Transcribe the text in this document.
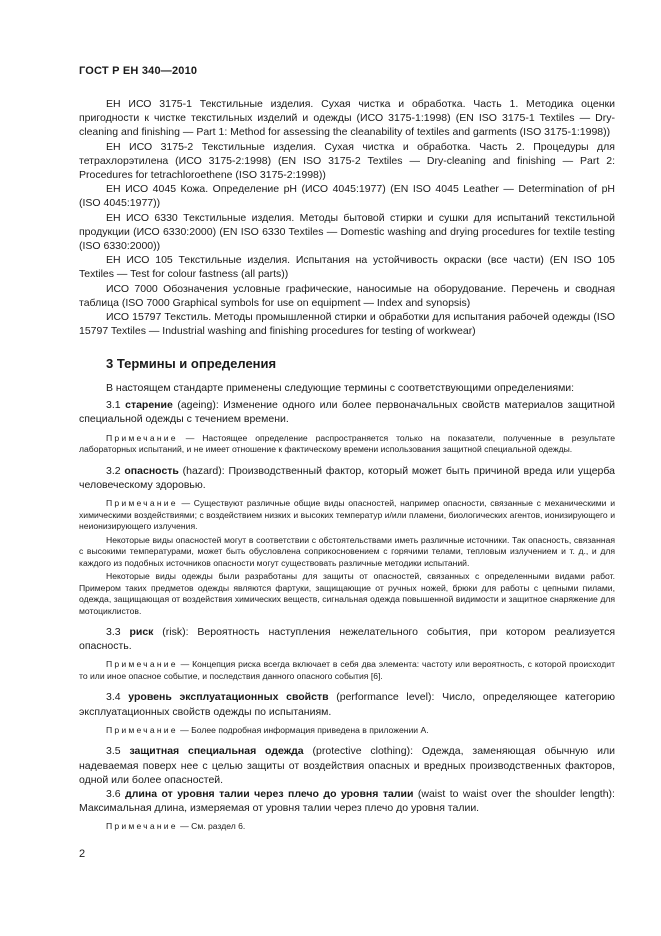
ГОСТ Р ЕН 340—2010

ЕН ИСО 3175-1 Текстильные изделия. Сухая чистка и обработка. Часть 1. Методика оценки пригодности к чистке текстильных изделий и одежды (ИСО 3175-1:1998) (EN ISO 3175-1 Textiles — Dry-cleaning and finishing — Part 1: Method for assessing the cleanability of textiles and garments (ISO 3175-1:1998))

ЕН ИСО 3175-2 Текстильные изделия. Сухая чистка и обработка. Часть 2. Процедуры для тетрахлорэтилена (ИСО 3175-2:1998) (EN ISO 3175-2 Textiles — Dry-cleaning and finishing — Part 2: Procedures for tetrachloroethene (ISO 3175-2:1998))

ЕН ИСО 4045 Кожа. Определение pH (ИСО 4045:1977) (EN ISO 4045 Leather — Determination of pH (ISO 4045:1977))

ЕН ИСО 6330 Текстильные изделия. Методы бытовой стирки и сушки для испытаний текстильной продукции (ИСО 6330:2000) (EN ISO 6330 Textiles — Domestic washing and drying procedures for textile testing (ISO 6330:2000))

ЕН ИСО 105 Текстильные изделия. Испытания на устойчивость окраски (все части) (EN ISO 105 Textiles — Test for colour fastness (all parts))

ИСО 7000 Обозначения условные графические, наносимые на оборудование. Перечень и сводная таблица (ISO 7000 Graphical symbols for use on equipment — Index and synopsis)

ИСО 15797 Текстиль. Методы промышленной стирки и обработки для испытания рабочей одежды (ISO 15797 Textiles — Industrial washing and finishing procedures for testing of workwear)

3 Термины и определения

В настоящем стандарте применены следующие термины с соответствующими определениями:

3.1 старение (ageing): Изменение одного или более первоначальных свойств материалов защитной специальной одежды с течением времени.

Примечание — Настоящее определение распространяется только на показатели, полученные в результате лабораторных испытаний, и не имеет отношение к фактическому времени использования защитной специальной одежды.

3.2 опасность (hazard): Производственный фактор, который может быть причиной вреда или ущерба человеческому здоровью.

Примечание — Существуют различные общие виды опасностей, например опасности, связанные с механическими и химическими воздействиями; с воздействием низких и высоких температур и/или пламени, биологических агентов, ионизирующего и неионизирующего излучения.

Некоторые виды опасностей могут в соответствии с обстоятельствами иметь различные источники. Так опасность, связанная с высокими температурами, может быть обусловлена соприкосновением с горячими телами, тепловым излучением и т. д., и для каждого из подобных источников опасности могут существовать различные методики испытаний.

Некоторые виды одежды были разработаны для защиты от опасностей, связанных с определенными видами работ. Примером таких предметов одежды являются фартуки, защищающие от ручных ножей, брюки для работы с цепными пилами, одежда, защищающая от воздействия химических веществ, сигнальная одежда повышенной видимости и защитное снаряжение для мотоциклистов.

3.3 риск (risk): Вероятность наступления нежелательного события, при котором реализуется опасность.

Примечание — Концепция риска всегда включает в себя два элемента: частоту или вероятность, с которой происходит то или иное опасное событие, и последствия данного опасного события [6].

3.4 уровень эксплуатационных свойств (performance level): Число, определяющее категорию эксплуатационных свойств одежды по испытаниям.

Примечание — Более подробная информация приведена в приложении А.

3.5 защитная специальная одежда (protective clothing): Одежда, заменяющая обычную или надеваемая поверх нее с целью защиты от воздействия опасных и вредных производственных факторов, одной или более опасностей.

3.6 длина от уровня талии через плечо до уровня талии (waist to waist over the shoulder length): Максимальная длина, измеряемая от уровня талии через плечо до уровня талии.

Примечание — См. раздел 6.

2
